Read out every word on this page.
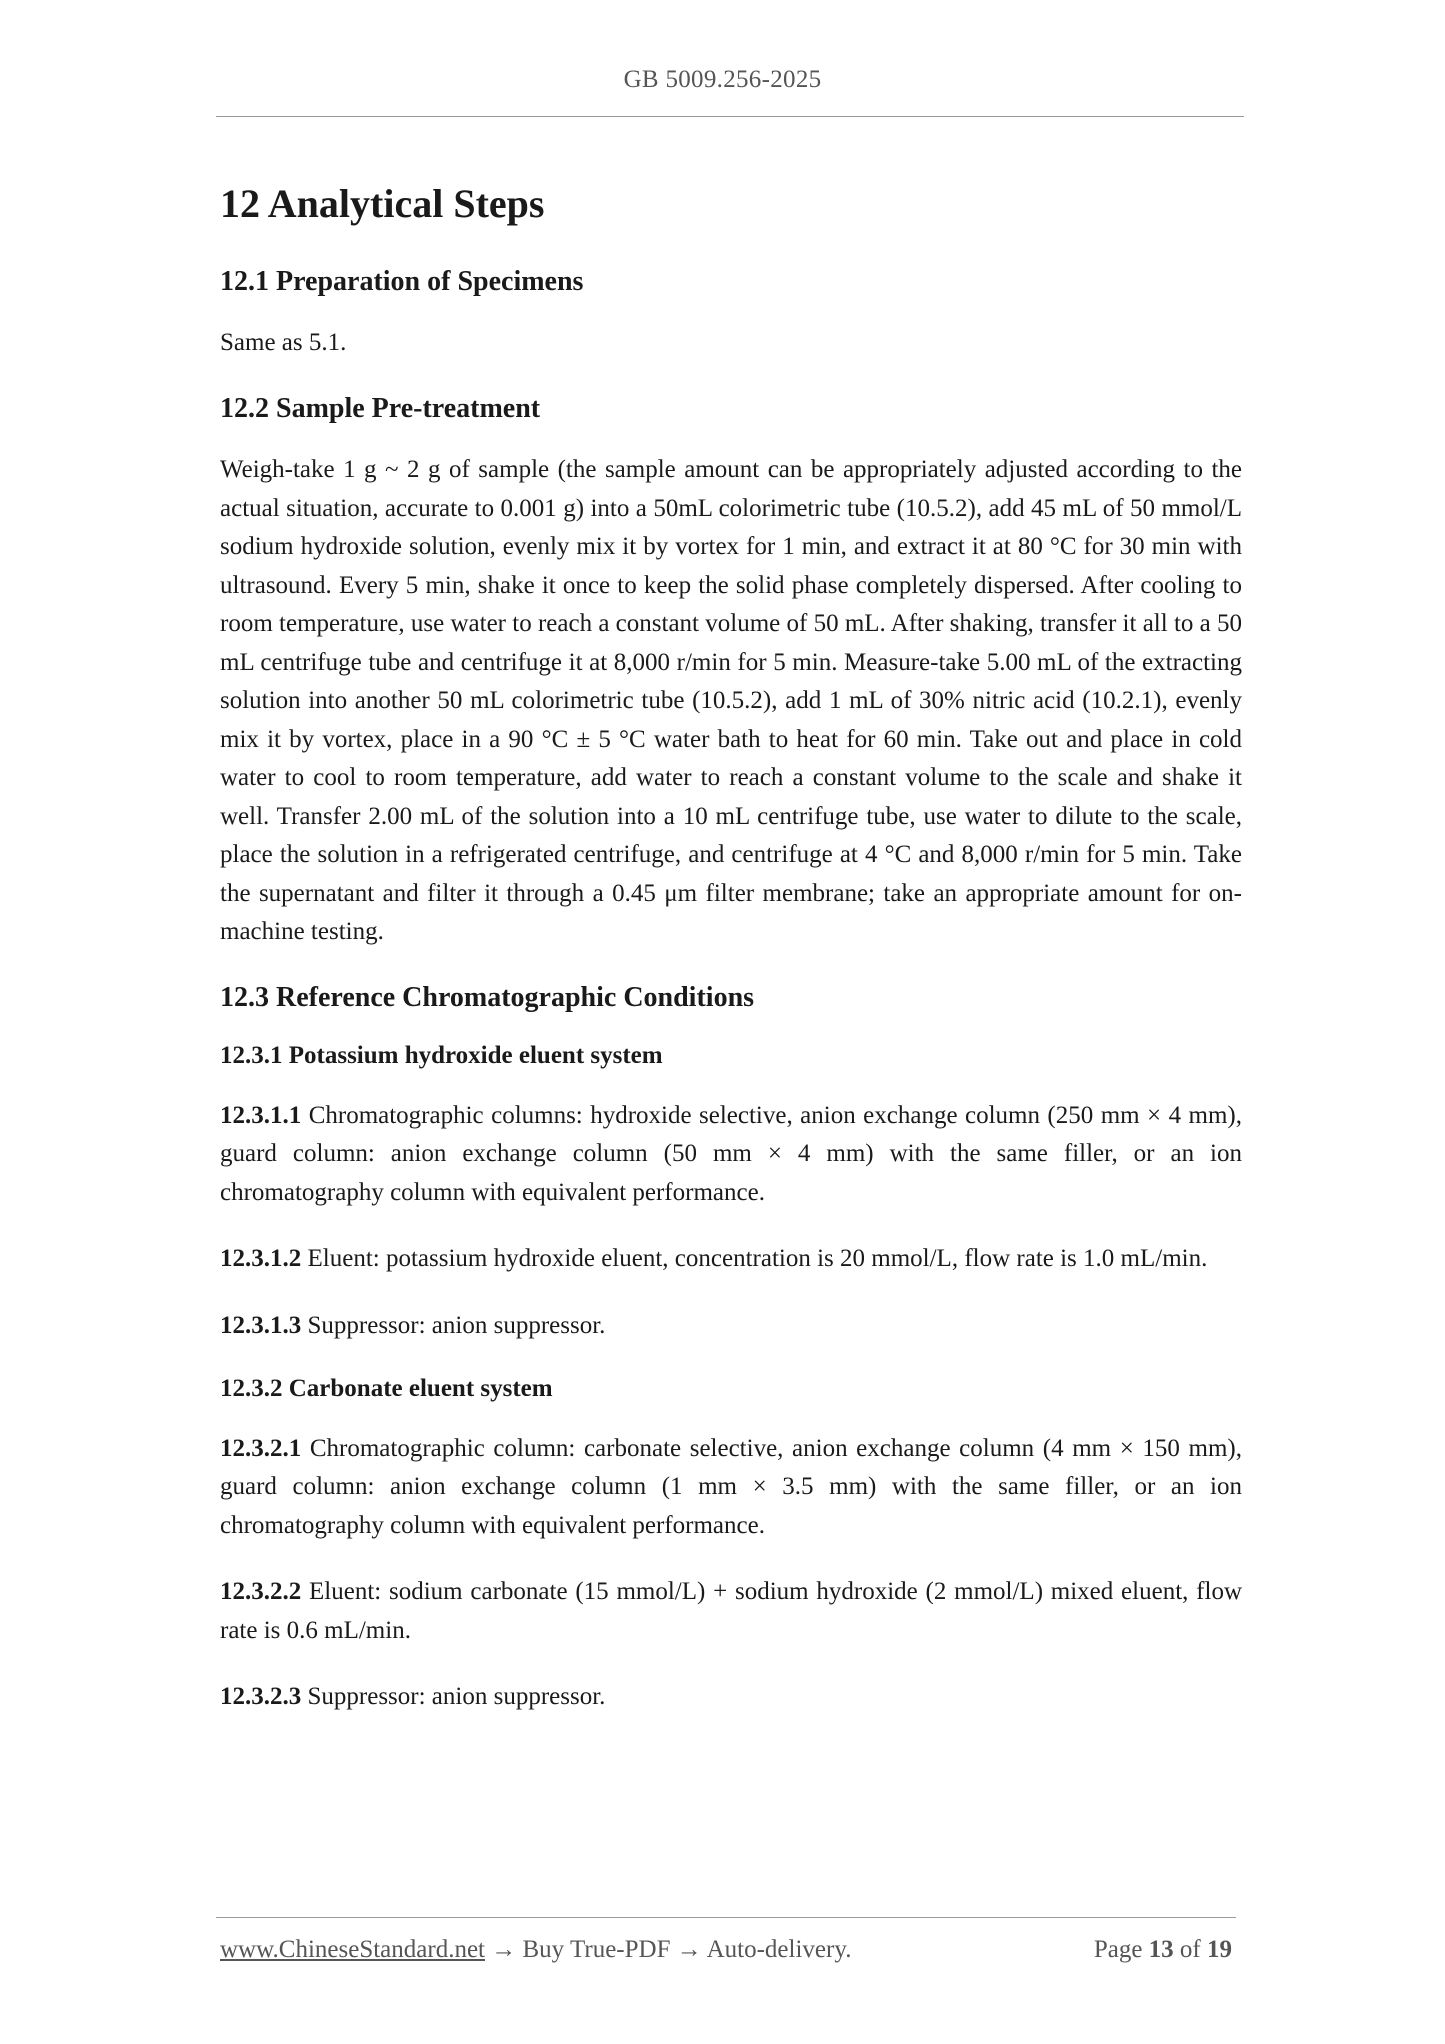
GB 5009.256-2025
12 Analytical Steps
12.1 Preparation of Specimens

Same as 5.1.

12.2 Sample Pre-treatment

Weigh-take 1 g ~ 2 g of sample (the sample amount can be appropriately adjusted according to the actual situation, accurate to 0.001 g) into a 50mL colorimetric tube (10.5.2), add 45 mL of 50 mmol/L sodium hydroxide solution, evenly mix it by vortex for 1 min, and extract it at 80 °C for 30 min with ultrasound. Every 5 min, shake it once to keep the solid phase completely dispersed. After cooling to room temperature, use water to reach a constant volume of 50 mL. After shaking, transfer it all to a 50 mL centrifuge tube and centrifuge it at 8,000 r/min for 5 min. Measure-take 5.00 mL of the extracting solution into another 50 mL colorimetric tube (10.5.2), add 1 mL of 30% nitric acid (10.2.1), evenly mix it by vortex, place in a 90 °C ± 5 °C water bath to heat for 60 min. Take out and place in cold water to cool to room temperature, add water to reach a constant volume to the scale and shake it well. Transfer 2.00 mL of the solution into a 10 mL centrifuge tube, use water to dilute to the scale, place the solution in a refrigerated centrifuge, and centrifuge at 4 °C and 8,000 r/min for 5 min. Take the supernatant and filter it through a 0.45 μm filter membrane; take an appropriate amount for on-machine testing.

12.3 Reference Chromatographic Conditions
12.3.1 Potassium hydroxide eluent system

12.3.1.1 Chromatographic columns: hydroxide selective, anion exchange column (250 mm × 4 mm), guard column: anion exchange column (50 mm × 4 mm) with the same filler, or an ion chromatography column with equivalent performance.

12.3.1.2 Eluent: potassium hydroxide eluent, concentration is 20 mmol/L, flow rate is 1.0 mL/min.

12.3.1.3 Suppressor: anion suppressor.

12.3.2 Carbonate eluent system

12.3.2.1 Chromatographic column: carbonate selective, anion exchange column (4 mm × 150 mm), guard column: anion exchange column (1 mm × 3.5 mm) with the same filler, or an ion chromatography column with equivalent performance.

12.3.2.2 Eluent: sodium carbonate (15 mmol/L) + sodium hydroxide (2 mmol/L) mixed eluent, flow rate is 0.6 mL/min.

12.3.2.3 Suppressor: anion suppressor.

www.ChineseStandard.net → Buy True-PDF → Auto-delivery.	Page 13 of 19
